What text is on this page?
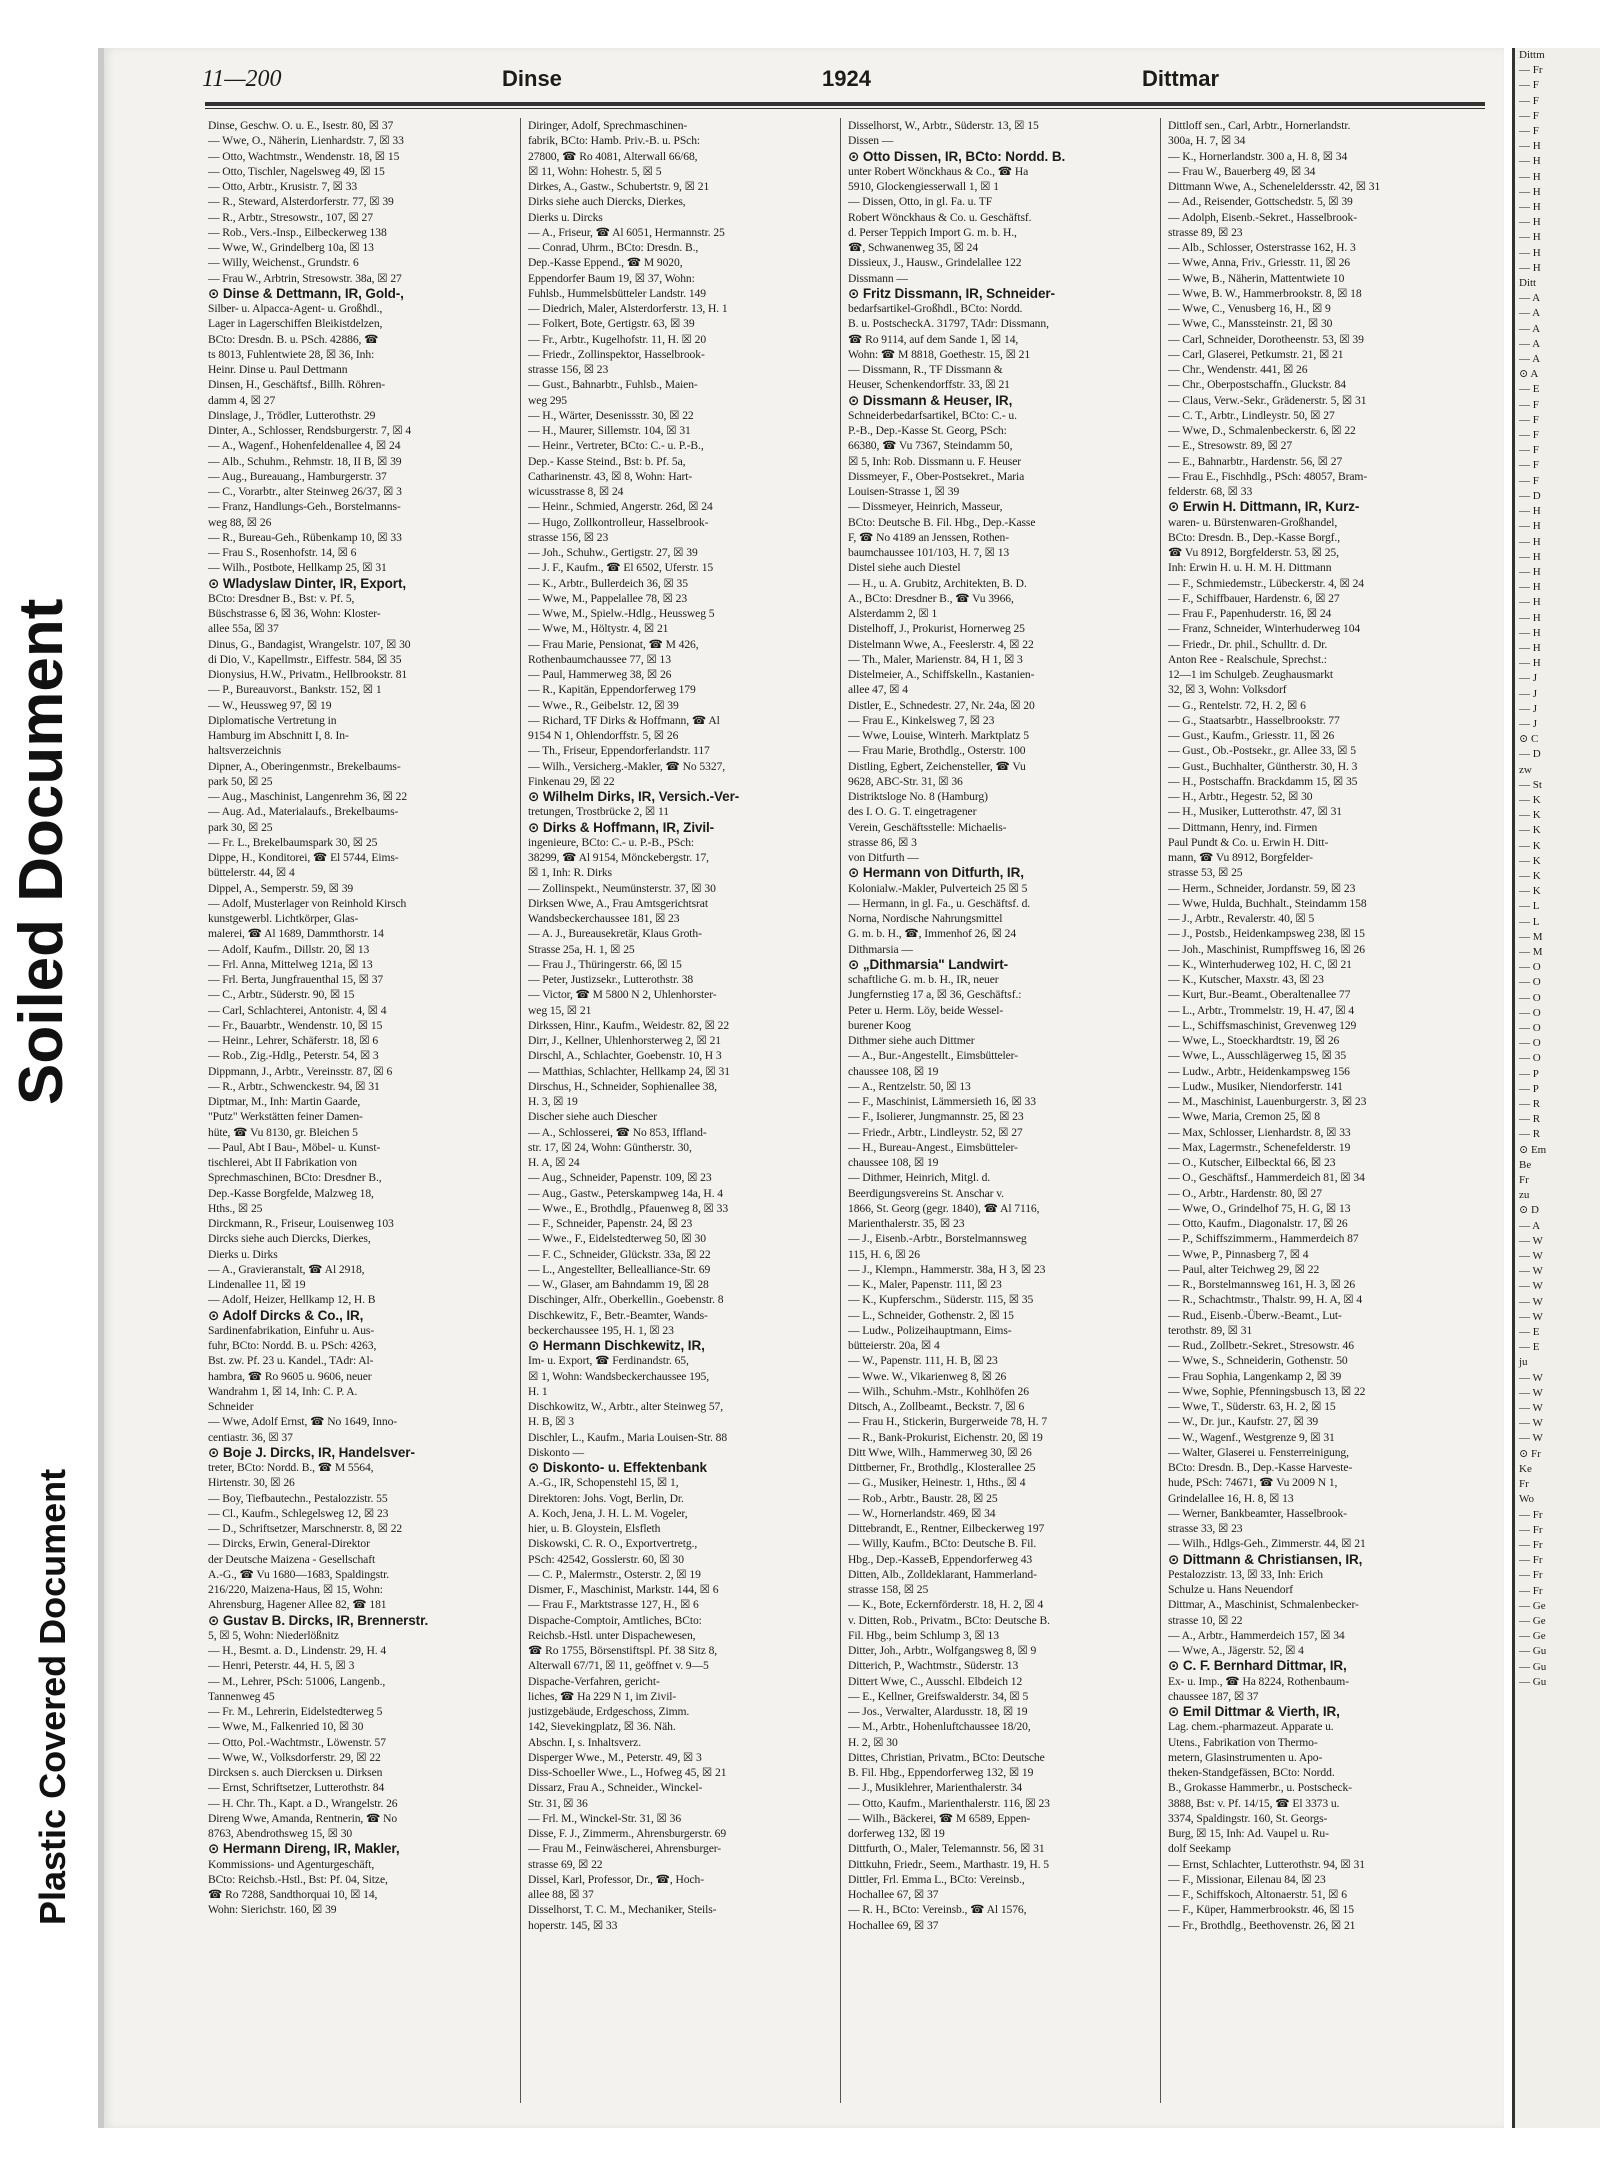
Soiled Document
Plastic Covered Document
Dittm
— Fr
— F
— F
— F
— F
— H
— H
— H
— H
— H
— H
— H
— H
— H
Ditt
— A
— A
— A
— A
— A
⊙ A
— E
— F
— F
— F
— F
— F
— F
— D
— H
— H
— H
— H
— H
— H
— H
— H
— H
— H
— H
— J
— J
— J
— J
⊙ C
— D
zw
— St
— K
— K
— K
— K
— K
— K
— K
— L
— L
— M
— M
— O
— O
— O
— O
— O
— O
— O
— P
— P
— R
— R
— R
⊙ Em
Be
Fr
zu
⊙ D
— A
— W
— W
— W
— W
— W
— W
— E
— E
ju
— W
— W
— W
— W
— W
⊙ Fr
Ke
Fr
Wo
— Fr
— Fr
— Fr
— Fr
— Fr
— Fr
— Ge
— Ge
— Ge
— Gu
— Gu
— Gu
11—200	Dinse	1924	Dittmar
Dinse, Geschw. O. u. E., Isestr. 80, ☒ 37
— Wwe, O., Näherin, Lienhardstr. 7, ☒ 33
— Otto, Wachtmstr., Wendenstr. 18, ☒ 15
— Otto, Tischler, Nagelsweg 49, ☒ 15
— Otto, Arbtr., Krusistr. 7, ☒ 33
— R., Steward, Alsterdorferstr. 77, ☒ 39
— R., Arbtr., Stresowstr., 107, ☒ 27
— Rob., Vers.-Insp., Eilbeckerweg 138
— Wwe, W., Grindelberg 10a, ☒ 13
— Willy, Weichenst., Grundstr. 6
— Frau W., Arbtrin, Stresowstr. 38a, ☒ 27
⊙ Dinse & Dettmann, IR, Gold-,
Silber- u. Alpacca-Agent- u. Großhdl.,
Lager in Lagerschiffen Bleikistdelzen,
BCto: Dresdn. B. u. PSch. 42886, ☎
ts 8013, Fuhlentwiete 28, ☒ 36, Inh:
Heinr. Dinse u. Paul Dettmann
Dinsen, H., Geschäftsf., Billh. Röhren-
damm 4, ☒ 27
Dinslage, J., Trödler, Lutterothstr. 29
Dinter, A., Schlosser, Rendsburgerstr. 7, ☒ 4
— A., Wagenf., Hohenfeldenallee 4, ☒ 24
— Alb., Schuhm., Rehmstr. 18, II B, ☒ 39
— Aug., Bureauang., Hamburgerstr. 37
— C., Vorarbtr., alter Steinweg 26/37, ☒ 3
— Franz, Handlungs-Geh., Borstelmanns-
weg 88, ☒ 26
— R., Bureau-Geh., Rübenkamp 10, ☒ 33
— Frau S., Rosenhofstr. 14, ☒ 6
— Wilh., Postbote, Hellkamp 25, ☒ 31
⊙ Wladyslaw Dinter, IR, Export,
BCto: Dresdner B., Bst: v. Pf. 5,
Büschstrasse 6, ☒ 36, Wohn: Kloster-
allee 55a, ☒ 37
Dinus, G., Bandagist, Wrangelstr. 107, ☒ 30
di Dio, V., Kapellmstr., Eiffestr. 584, ☒ 35
Dionysius, H.W., Privatm., Hellbrookstr. 81
— P., Bureauvorst., Bankstr. 152, ☒ 1
— W., Heussweg 97, ☒ 19
Diplomatische Vertretung in
Hamburg im Abschnitt I, 8. In-
haltsverzeichnis
Dipner, A., Oberingenmstr., Brekelbaums-
park 50, ☒ 25
— Aug., Maschinist, Langenrehm 36, ☒ 22
— Aug. Ad., Materialaufs., Brekelbaums-
park 30, ☒ 25
— Fr. L., Brekelbaumspark 30, ☒ 25
Dippe, H., Konditorei, ☎ El 5744, Eims-
büttelerstr. 44, ☒ 4
Dippel, A., Semperstr. 59, ☒ 39
— Adolf, Musterlager von Reinhold Kirsch
kunstgewerbl. Lichtkörper, Glas-
malerei, ☎ Al 1689, Dammthorstr. 14
— Adolf, Kaufm., Dillstr. 20, ☒ 13
— Frl. Anna, Mittelweg 121a, ☒ 13
— Frl. Berta, Jungfrauenthal 15, ☒ 37
— C., Arbtr., Süderstr. 90, ☒ 15
— Carl, Schlachterei, Antonistr. 4, ☒ 4
— Fr., Bauarbtr., Wendenstr. 10, ☒ 15
— Heinr., Lehrer, Schäferstr. 18, ☒ 6
— Rob., Zig.-Hdlg., Peterstr. 54, ☒ 3
Dippmann, J., Arbtr., Vereinsstr. 87, ☒ 6
— R., Arbtr., Schwenckestr. 94, ☒ 31
Diptmar, M., Inh: Martin Gaarde,
"Putz" Werkstätten feiner Damen-
hüte, ☎ Vu 8130, gr. Bleichen 5
— Paul, Abt I Bau-, Möbel- u. Kunst-
tischlerei, Abt II Fabrikation von
Sprechmaschinen, BCto: Dresdner B.,
Dep.-Kasse Borgfelde, Malzweg 18,
Hths., ☒ 25
Dirckmann, R., Friseur, Louisenweg 103
Dircks siehe auch Diercks, Dierkes,
Dierks u. Dirks
— A., Gravieranstalt, ☎ Al 2918,
Lindenallee 11, ☒ 19
— Adolf, Heizer, Hellkamp 12, H. B
⊙ Adolf Dircks & Co., IR,
Sardinenfabrikation, Einfuhr u. Aus-
fuhr, BCto: Nordd. B. u. PSch: 4263,
Bst. zw. Pf. 23 u. Kandel., TAdr: Al-
hambra, ☎ Ro 9605 u. 9606, neuer
Wandrahm 1, ☒ 14, Inh: C. P. A.
Schneider
— Wwe, Adolf Ernst, ☎ No 1649, Inno-
centiastr. 36, ☒ 37
⊙ Boje J. Dircks, IR, Handelsver-
treter, BCto: Nordd. B., ☎ M 5564,
Hirtenstr. 30, ☒ 26
— Boy, Tiefbautechn., Pestalozzistr. 55
— Cl., Kaufm., Schlegelsweg 12, ☒ 23
— D., Schriftsetzer, Marschnerstr. 8, ☒ 22
— Dircks, Erwin, General-Direktor
der Deutsche Maizena - Gesellschaft
A.-G., ☎ Vu 1680—1683, Spaldingstr.
216/220, Maizena-Haus, ☒ 15, Wohn:
Ahrensburg, Hagener Allee 82, ☎ 181
⊙ Gustav B. Dircks, IR, Brennerstr.
5, ☒ 5, Wohn: Niederlößnitz
— H., Besmt. a. D., Lindenstr. 29, H. 4
— Henri, Peterstr. 44, H. 5, ☒ 3
— M., Lehrer, PSch: 51006, Langenb.,
Tannenweg 45
— Fr. M., Lehrerin, Eidelstedterweg 5
— Wwe, M., Falkenried 10, ☒ 30
— Otto, Pol.-Wachtmstr., Löwenstr. 57
— Wwe, W., Volksdorferstr. 29, ☒ 22
Dircksen s. auch Diercksen u. Dirksen
— Ernst, Schriftsetzer, Lutterothstr. 84
— H. Chr. Th., Kapt. a D., Wrangelstr. 26
Direng Wwe, Amanda, Rentnerin, ☎ No
8763, Abendrothsweg 15, ☒ 30
⊙ Hermann Direng, IR, Makler,
Kommissions- und Agenturgeschäft,
BCto: Reichsb.-Hstl., Bst: Pf. 04, Sitze,
☎ Ro 7288, Sandthorquai 10, ☒ 14,
Wohn: Sierichstr. 160, ☒ 39
Diringer, Adolf, Sprechmaschinen-
fabrik, BCto: Hamb. Priv.-B. u. PSch:
27800, ☎ Ro 4081, Alterwall 66/68,
☒ 11, Wohn: Hohestr. 5, ☒ 5
Dirkes, A., Gastw., Schubertstr. 9, ☒ 21
Dirks siehe auch Diercks, Dierkes,
Dierks u. Dircks
— A., Friseur, ☎ Al 6051, Hermannstr. 25
— Conrad, Uhrm., BCto: Dresdn. B.,
Dep.-Kasse Eppend., ☎ M 9020,
Eppendorfer Baum 19, ☒ 37, Wohn:
Fuhlsb., Hummelsbütteler Landstr. 149
— Diedrich, Maler, Alsterdorferstr. 13, H. 1
— Folkert, Bote, Gertigstr. 63, ☒ 39
— Fr., Arbtr., Kugelhofstr. 11, H. ☒ 20
— Friedr., Zollinspektor, Hasselbrook-
strasse 156, ☒ 23
— Gust., Bahnarbtr., Fuhlsb., Maien-
weg 295
— H., Wärter, Desenissstr. 30, ☒ 22
— H., Maurer, Sillemstr. 104, ☒ 31
— Heinr., Vertreter, BCto: C.- u. P.-B.,
Dep.- Kasse Steind., Bst: b. Pf. 5a,
Catharinenstr. 43, ☒ 8, Wohn: Hart-
wicusstrasse 8, ☒ 24
— Heinr., Schmied, Angerstr. 26d, ☒ 24
— Hugo, Zollkontrolleur, Hasselbrook-
strasse 156, ☒ 23
— Joh., Schuhw., Gertigstr. 27, ☒ 39
— J. F., Kaufm., ☎ El 6502, Uferstr. 15
— K., Arbtr., Bullerdeich 36, ☒ 35
— Wwe, M., Pappelallee 78, ☒ 23
— Wwe, M., Spielw.-Hdlg., Heussweg 5
— Wwe, M., Höltystr. 4, ☒ 21
— Frau Marie, Pensionat, ☎ M 426,
Rothenbaumchaussee 77, ☒ 13
— Paul, Hammerweg 38, ☒ 26
— R., Kapitän, Eppendorferweg 179
— Wwe., R., Geibelstr. 12, ☒ 39
— Richard, TF Dirks & Hoffmann, ☎ Al
9154 N 1, Ohlendorffstr. 5, ☒ 26
— Th., Friseur, Eppendorferlandstr. 117
— Wilh., Versicherg.-Makler, ☎ No 5327,
Finkenau 29, ☒ 22
⊙ Wilhelm Dirks, IR, Versich.-Ver-
tretungen, Trostbrücke 2, ☒ 11
⊙ Dirks & Hoffmann, IR, Zivil-
ingenieure, BCto: C.- u. P.-B., PSch:
38299, ☎ Al 9154, Mönckebergstr. 17,
☒ 1, Inh: R. Dirks
— Zollinspekt., Neumünsterstr. 37, ☒ 30
Dirksen Wwe, A., Frau Amtsgerichtsrat
Wandsbeckerchaussee 181, ☒ 23
— A. J., Bureausekretär, Klaus Groth-
Strasse 25a, H. 1, ☒ 25
— Frau J., Thüringerstr. 66, ☒ 15
— Peter, Justizsekr., Lutterothstr. 38
— Victor, ☎ M 5800 N 2, Uhlenhorster-
weg 15, ☒ 21
Dirkssen, Hinr., Kaufm., Weidestr. 82, ☒ 22
Dirr, J., Kellner, Uhlenhorsterweg 2, ☒ 21
Dirschl, A., Schlachter, Goebenstr. 10, H 3
— Matthias, Schlachter, Hellkamp 24, ☒ 31
Dirschus, H., Schneider, Sophienallee 38,
H. 3, ☒ 19
Discher siehe auch Diescher
— A., Schlosserei, ☎ No 853, Iffland-
str. 17, ☒ 24, Wohn: Güntherstr. 30,
H. A, ☒ 24
— Aug., Schneider, Papenstr. 109, ☒ 23
— Aug., Gastw., Peterskampweg 14a, H. 4
— Wwe., E., Brothdlg., Pfauenweg 8, ☒ 33
— F., Schneider, Papenstr. 24, ☒ 23
— Wwe., F., Eidelstedterweg 50, ☒ 30
— F. C., Schneider, Glückstr. 33a, ☒ 22
— L., Angestellter, Bellealliance-Str. 69
— W., Glaser, am Bahndamm 19, ☒ 28
Dischinger, Alfr., Oberkellin., Goebenstr. 8
Dischkewitz, F., Betr.-Beamter, Wands-
beckerchaussee 195, H. 1, ☒ 23
⊙ Hermann Dischkewitz, IR,
Im- u. Export, ☎ Ferdinandstr. 65,
☒ 1, Wohn: Wandsbeckerchaussee 195,
H. 1
Dischkowitz, W., Arbtr., alter Steinweg 57,
H. B, ☒ 3
Dischler, L., Kaufm., Maria Louisen-Str. 88
Diskonto —
⊙ Diskonto- u. Effektenbank
A.-G., IR, Schopenstehl 15, ☒ 1,
Direktoren: Johs. Vogt, Berlin, Dr.
A. Koch, Jena, J. H. L. M. Vogeler,
hier, u. B. Gloystein, Elsfleth
Diskowski, C. R. O., Exportvertretg.,
PSch: 42542, Gosslerstr. 60, ☒ 30
— C. P., Malermstr., Osterstr. 2, ☒ 19
Dismer, F., Maschinist, Markstr. 144, ☒ 6
— Frau F., Marktstrasse 127, H., ☒ 6
Dispache-Comptoir, Amtliches, BCto:
Reichsb.-Hstl. unter Dispachewesen,
☎ Ro 1755, Börsenstiftspl. Pf. 38 Sitz 8,
Alterwall 67/71, ☒ 11, geöffnet v. 9—5
Dispache-Verfahren, gericht-
liches, ☎ Ha 229 N 1, im Zivil-
justizgebäude, Erdgeschoss, Zimm.
142, Sievekingplatz, ☒ 36. Näh.
Abschn. I, s. Inhaltsverz.
Disperger Wwe., M., Peterstr. 49, ☒ 3
Diss-Schoeller Wwe., L., Hofweg 45, ☒ 21
Dissarz, Frau A., Schneider., Winckel-
Str. 31, ☒ 36
— Frl. M., Winckel-Str. 31, ☒ 36
Disse, F. J., Zimmerm., Ahrensburgerstr. 69
— Frau M., Feinwäscherei, Ahrensburger-
strasse 69, ☒ 22
Dissel, Karl, Professor, Dr., ☎, Hoch-
allee 88, ☒ 37
Disselhorst, T. C. M., Mechaniker, Steils-
hoperstr. 145, ☒ 33
Disselhorst, W., Arbtr., Süderstr. 13, ☒ 15
Dissen —
⊙ Otto Dissen, IR, BCto: Nordd. B.
unter Robert Wönckhaus & Co., ☎ Ha
5910, Glockengiesserwall 1, ☒ 1
— Dissen, Otto, in gl. Fa. u. TF
Robert Wönckhaus & Co. u. Geschäftsf.
d. Perser Teppich Import G. m. b. H.,
☎, Schwanenweg 35, ☒ 24
Dissieux, J., Hausw., Grindelallee 122
Dissmann —
⊙ Fritz Dissmann, IR, Schneider-
bedarfsartikel-Großhdl., BCto: Nordd.
B. u. PostscheckA. 31797, TAdr: Dissmann,
☎ Ro 9114, auf dem Sande 1, ☒ 14,
Wohn: ☎ M 8818, Goethestr. 15, ☒ 21
— Dissmann, R., TF Dissmann &
Heuser, Schenkendorffstr. 33, ☒ 21
⊙ Dissmann & Heuser, IR,
Schneiderbedarfsartikel, BCto: C.- u.
P.-B., Dep.-Kasse St. Georg, PSch:
66380, ☎ Vu 7367, Steindamm 50,
☒ 5, Inh: Rob. Dissmann u. F. Heuser
Dissmeyer, F., Ober-Postsekret., Maria
Louisen-Strasse 1, ☒ 39
— Dissmeyer, Heinrich, Masseur,
BCto: Deutsche B. Fil. Hbg., Dep.-Kasse
F, ☎ No 4189 an Jenssen, Rothen-
baumchaussee 101/103, H. 7, ☒ 13
Distel siehe auch Diestel
— H., u. A. Grubitz, Architekten, B. D.
A., BCto: Dresdner B., ☎ Vu 3966,
Alsterdamm 2, ☒ 1
Distelhoff, J., Prokurist, Hornerweg 25
Distelmann Wwe, A., Feeslerstr. 4, ☒ 22
— Th., Maler, Marienstr. 84, H 1, ☒ 3
Distelmeier, A., Schiffskelln., Kastanien-
allee 47, ☒ 4
Distler, E., Schnedestr. 27, Nr. 24a, ☒ 20
— Frau E., Kinkelsweg 7, ☒ 23
— Wwe, Louise, Winterh. Marktplatz 5
— Frau Marie, Brothdlg., Osterstr. 100
Distling, Egbert, Zeichensteller, ☎ Vu
9628, ABC-Str. 31, ☒ 36
Distriktsloge No. 8 (Hamburg)
des I. O. G. T. eingetragener
Verein, Geschäftsstelle: Michaelis-
strasse 86, ☒ 3
von Ditfurth —
⊙ Hermann von Ditfurth, IR,
Kolonialw.-Makler, Pulverteich 25 ☒ 5
— Hermann, in gl. Fa., u. Geschäftsf. d.
Norna, Nordische Nahrungsmittel
G. m. b. H., ☎, Immenhof 26, ☒ 24
Dithmarsia —
⊙ „Dithmarsia" Landwirt-
schaftliche G. m. b. H., IR, neuer
Jungfernstieg 17 a, ☒ 36, Geschäftsf.:
Peter u. Herm. Löy, beide Wessel-
burener Koog
Dithmer siehe auch Dittmer
— A., Bur.-Angestellt., Eimsbütteler-
chaussee 108, ☒ 19
— A., Rentzelstr. 50, ☒ 13
— F., Maschinist, Lämmersieth 16, ☒ 33
— F., Isolierer, Jungmannstr. 25, ☒ 23
— Friedr., Arbtr., Lindleystr. 52, ☒ 27
— H., Bureau-Angest., Eimsbütteler-
chaussee 108, ☒ 19
— Dithmer, Heinrich, Mitgl. d.
Beerdigungsvereins St. Anschar v.
1866, St. Georg (gegr. 1840), ☎ Al 7116,
Marienthalerstr. 35, ☒ 23
— J., Eisenb.-Arbtr., Borstelmannsweg
115, H. 6, ☒ 26
— J., Klempn., Hammerstr. 38a, H 3, ☒ 23
— K., Maler, Papenstr. 111, ☒ 23
— K., Kupferschm., Süderstr. 115, ☒ 35
— L., Schneider, Gothenstr. 2, ☒ 15
— Ludw., Polizeihauptmann, Eims-
bütteierstr. 20a, ☒ 4
— W., Papenstr. 111, H. B, ☒ 23
— Wwe. W., Vikarienweg 8, ☒ 26
— Wilh., Schuhm.-Mstr., Kohlhöfen 26
Ditsch, A., Zollbeamt., Beckstr. 7, ☒ 6
— Frau H., Stickerin, Burgerweide 78, H. 7
— R., Bank-Prokurist, Eichenstr. 20, ☒ 19
Ditt Wwe, Wilh., Hammerweg 30, ☒ 26
Dittberner, Fr., Brothdlg., Klosterallee 25
— G., Musiker, Heinestr. 1, Hths., ☒ 4
— Rob., Arbtr., Baustr. 28, ☒ 25
— W., Hornerlandstr. 469, ☒ 34
Dittebrandt, E., Rentner, Eilbeckerweg 197
— Willy, Kaufm., BCto: Deutsche B. Fil.
Hbg., Dep.-KasseB, Eppendorferweg 43
Ditten, Alb., Zolldeklarant, Hammerland-
strasse 158, ☒ 25
— K., Bote, Eckernförderstr. 18, H. 2, ☒ 4
v. Ditten, Rob., Privatm., BCto: Deutsche B.
Fil. Hbg., beim Schlump 3, ☒ 13
Ditter, Joh., Arbtr., Wolfgangsweg 8, ☒ 9
Ditterich, P., Wachtmstr., Süderstr. 13
Dittert Wwe, C., Ausschl. Elbdeich 12
— E., Kellner, Greifswalderstr. 34, ☒ 5
— Jos., Verwalter, Alardusstr. 18, ☒ 19
— M., Arbtr., Hohenluftchaussee 18/20,
H. 2, ☒ 30
Dittes, Christian, Privatm., BCto: Deutsche
B. Fil. Hbg., Eppendorferweg 132, ☒ 19
— J., Musiklehrer, Marienthalerstr. 34
— Otto, Kaufm., Marienthalerstr. 116, ☒ 23
— Wilh., Bäckerei, ☎ M 6589, Eppen-
dorferweg 132, ☒ 19
Dittfurth, O., Maler, Telemannstr. 56, ☒ 31
Dittkuhn, Friedr., Seem., Marthastr. 19, H. 5
Dittler, Frl. Emma L., BCto: Vereinsb.,
Hochallee 67, ☒ 37
— R. H., BCto: Vereinsb., ☎ Al 1576,
Hochallee 69, ☒ 37
Dittloff sen., Carl, Arbtr., Hornerlandstr.
300a, H. 7, ☒ 34
— K., Hornerlandstr. 300 a, H. 8, ☒ 34
— Frau W., Bauerberg 49, ☒ 34
Dittmann Wwe, A., Scheneleldersstr. 42, ☒ 31
— Ad., Reisender, Gottschedstr. 5, ☒ 39
— Adolph, Eisenb.-Sekret., Hasselbrook-
strasse 89, ☒ 23
— Alb., Schlosser, Osterstrasse 162, H. 3
— Wwe, Anna, Friv., Griesstr. 11, ☒ 26
— Wwe, B., Näherin, Mattentwiete 10
— Wwe, B. W., Hammerbrookstr. 8, ☒ 18
— Wwe, C., Venusberg 16, H., ☒ 9
— Wwe, C., Manssteinstr. 21, ☒ 30
— Carl, Schneider, Dorotheenstr. 53, ☒ 39
— Carl, Glaserei, Petkumstr. 21, ☒ 21
— Chr., Wendenstr. 441, ☒ 26
— Chr., Oberpostschaffn., Gluckstr. 84
— Claus, Verw.-Sekr., Grädenerstr. 5, ☒ 31
— C. T., Arbtr., Lindleystr. 50, ☒ 27
— Wwe, D., Schmalenbeckerstr. 6, ☒ 22
— E., Stresowstr. 89, ☒ 27
— E., Bahnarbtr., Hardenstr. 56, ☒ 27
— Frau E., Fischhdlg., PSch: 48057, Bram-
felderstr. 68, ☒ 33
⊙ Erwin H. Dittmann, IR, Kurz-
waren- u. Bürstenwaren-Großhandel,
BCto: Dresdn. B., Dep.-Kasse Borgf.,
☎ Vu 8912, Borgfelderstr. 53, ☒ 25,
Inh: Erwin H. u. H. M. H. Dittmann
— F., Schmiedemstr., Lübeckerstr. 4, ☒ 24
— F., Schiffbauer, Hardenstr. 6, ☒ 27
— Frau F., Papenhuderstr. 16, ☒ 24
— Franz, Schneider, Winterhuderweg 104
— Friedr., Dr. phil., Schulltr. d. Dr.
Anton Ree - Realschule, Sprechst.:
12—1 im Schulgeb. Zeughausmarkt
32, ☒ 3, Wohn: Volksdorf
— G., Rentelstr. 72, H. 2, ☒ 6
— G., Staatsarbtr., Hasselbrookstr. 77
— Gust., Kaufm., Griesstr. 11, ☒ 26
— Gust., Ob.-Postsekr., gr. Allee 33, ☒ 5
— Gust., Buchhalter, Güntherstr. 30, H. 3
— H., Postschaffn. Brackdamm 15, ☒ 35
— H., Arbtr., Hegestr. 52, ☒ 30
— H., Musiker, Lutterothstr. 47, ☒ 31
— Dittmann, Henry, ind. Firmen
Paul Pundt & Co. u. Erwin H. Ditt-
mann, ☎ Vu 8912, Borgfelder-
strasse 53, ☒ 25
— Herm., Schneider, Jordanstr. 59, ☒ 23
— Wwe, Hulda, Buchhalt., Steindamm 158
— J., Arbtr., Revalerstr. 40, ☒ 5
— J., Postsb., Heidenkampsweg 238, ☒ 15
— Joh., Maschinist, Rumpffsweg 16, ☒ 26
— K., Winterhuderweg 102, H. C, ☒ 21
— K., Kutscher, Maxstr. 43, ☒ 23
— Kurt, Bur.-Beamt., Oberaltenallee 77
— L., Arbtr., Trommelstr. 19, H. 47, ☒ 4
— L., Schiffsmaschinist, Grevenweg 129
— Wwe, L., Stoeckhardtstr. 19, ☒ 26
— Wwe, L., Ausschlägerweg 15, ☒ 35
— Ludw., Arbtr., Heidenkampsweg 156
— Ludw., Musiker, Niendorferstr. 141
— M., Maschinist, Lauenburgerstr. 3, ☒ 23
— Wwe, Maria, Cremon 25, ☒ 8
— Max, Schlosser, Lienhardstr. 8, ☒ 33
— Max, Lagermstr., Schenefelderstr. 19
— O., Kutscher, Eilbecktal 66, ☒ 23
— O., Geschäftsf., Hammerdeich 81, ☒ 34
— O., Arbtr., Hardenstr. 80, ☒ 27
— Wwe, O., Grindelhof 75, H. G, ☒ 13
— Otto, Kaufm., Diagonalstr. 17, ☒ 26
— P., Schiffszimmerm., Hammerdeich 87
— Wwe, P., Pinnasberg 7, ☒ 4
— Paul, alter Teichweg 29, ☒ 22
— R., Borstelmannsweg 161, H. 3, ☒ 26
— R., Schachtmstr., Thalstr. 99, H. A, ☒ 4
— Rud., Eisenb.-Überw.-Beamt., Lut-
terothstr. 89, ☒ 31
— Rud., Zollbetr.-Sekret., Stresowstr. 46
— Wwe, S., Schneiderin, Gothenstr. 50
— Frau Sophia, Langenkamp 2, ☒ 39
— Wwe, Sophie, Pfenningsbusch 13, ☒ 22
— Wwe, T., Süderstr. 63, H. 2, ☒ 15
— W., Dr. jur., Kaufstr. 27, ☒ 39
— W., Wagenf., Westgrenze 9, ☒ 31
— Walter, Glaserei u. Fensterreinigung,
BCto: Dresdn. B., Dep.-Kasse Harveste-
hude, PSch: 74671, ☎ Vu 2009 N 1,
Grindelallee 16, H. 8, ☒ 13
— Werner, Bankbeamter, Hasselbrook-
strasse 33, ☒ 23
— Wilh., Hdlgs-Geh., Zimmerstr. 44, ☒ 21
⊙ Dittmann & Christiansen, IR,
Pestalozzistr. 13, ☒ 33, Inh: Erich
Schulze u. Hans Neuendorf
Dittmar, A., Maschinist, Schmalenbecker-
strasse 10, ☒ 22
— A., Arbtr., Hammerdeich 157, ☒ 34
— Wwe, A., Jägerstr. 52, ☒ 4
⊙ C. F. Bernhard Dittmar, IR,
Ex- u. Imp., ☎ Ha 8224, Rothenbaum-
chaussee 187, ☒ 37
⊙ Emil Dittmar & Vierth, IR,
Lag. chem.-pharmazeut. Apparate u.
Utens., Fabrikation von Thermo-
metern, Glasinstrumenten u. Apo-
theken-Standgefässen, BCto: Nordd.
B., Grokasse Hammerbr., u. Postscheck-
3888, Bst: v. Pf. 14/15, ☎ El 3373 u.
3374, Spaldingstr. 160, St. Georgs-
Burg, ☒ 15, Inh: Ad. Vaupel u. Ru-
dolf Seekamp
— Ernst, Schlachter, Lutterothstr. 94, ☒ 31
— F., Missionar, Eilenau 84, ☒ 23
— F., Schiffskoch, Altonaerstr. 51, ☒ 6
— F., Küper, Hammerbrookstr. 46, ☒ 15
— Fr., Brothdlg., Beethovenstr. 26, ☒ 21
